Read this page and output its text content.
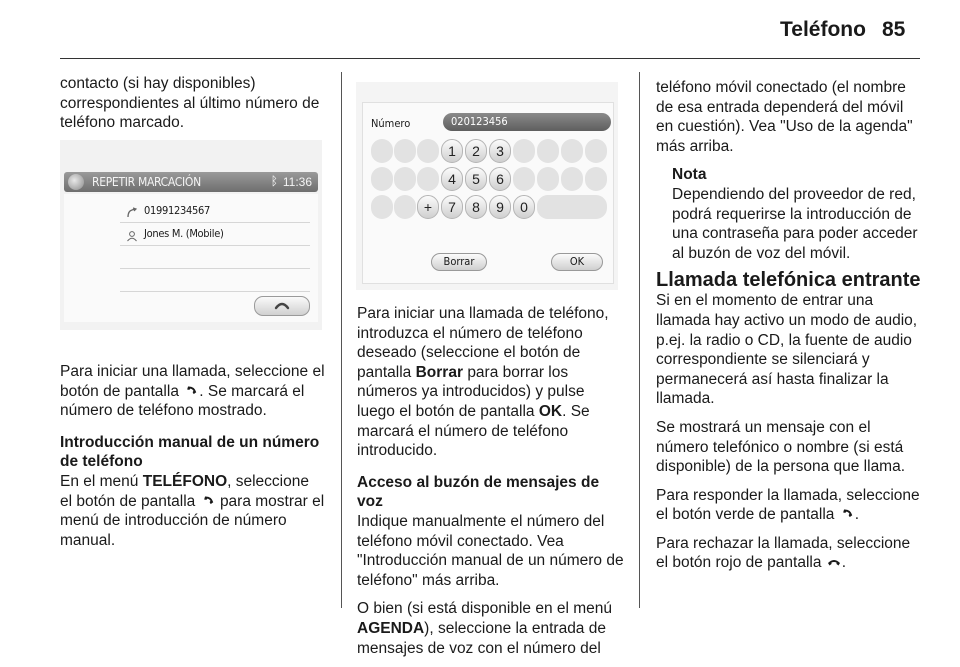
Teléfono 85

contacto (si hay disponibles) correspondientes al último número de teléfono marcado.

REPETIR MARCACIÓN	ᛒ 11:36
01991234567
Jones M. (Mobile)

Para iniciar una llamada, seleccione el botón de pantalla . Se marcará el número de teléfono mostrado.

Introducción manual de un número de teléfono

En el menú TELÉFONO, seleccione el botón de pantalla para mostrar el menú de introducción de número manual.

Número	020123456
1	2	3
4	5	6
+	7	8	9	0
Borrar	OK

Para iniciar una llamada de teléfono, introduzca el número de teléfono deseado (seleccione el botón de pantalla Borrar para borrar los números ya introducidos) y pulse luego el botón de pantalla OK. Se marcará el número de teléfono introducido.

Acceso al buzón de mensajes de voz

Indique manualmente el número del teléfono móvil conectado. Vea "Introducción manual de un número de teléfono" más arriba.

O bien (si está disponible en el menú AGENDA), seleccione la entrada de mensajes de voz con el número del

teléfono móvil conectado (el nombre de esa entrada dependerá del móvil en cuestión). Vea "Uso de la agenda" más arriba.

Nota
Dependiendo del proveedor de red, podrá requerirse la introducción de una contraseña para poder acceder al buzón de voz del móvil.
Llamada telefónica entrante

Si en el momento de entrar una llamada hay activo un modo de audio, p.ej. la radio o CD, la fuente de audio correspondiente se silenciará y permanecerá así hasta finalizar la llamada.

Se mostrará un mensaje con el número telefónico o nombre (si está disponible) de la persona que llama.

Para responder la llamada, seleccione el botón verde de pantalla .

Para rechazar la llamada, seleccione el botón rojo de pantalla .
